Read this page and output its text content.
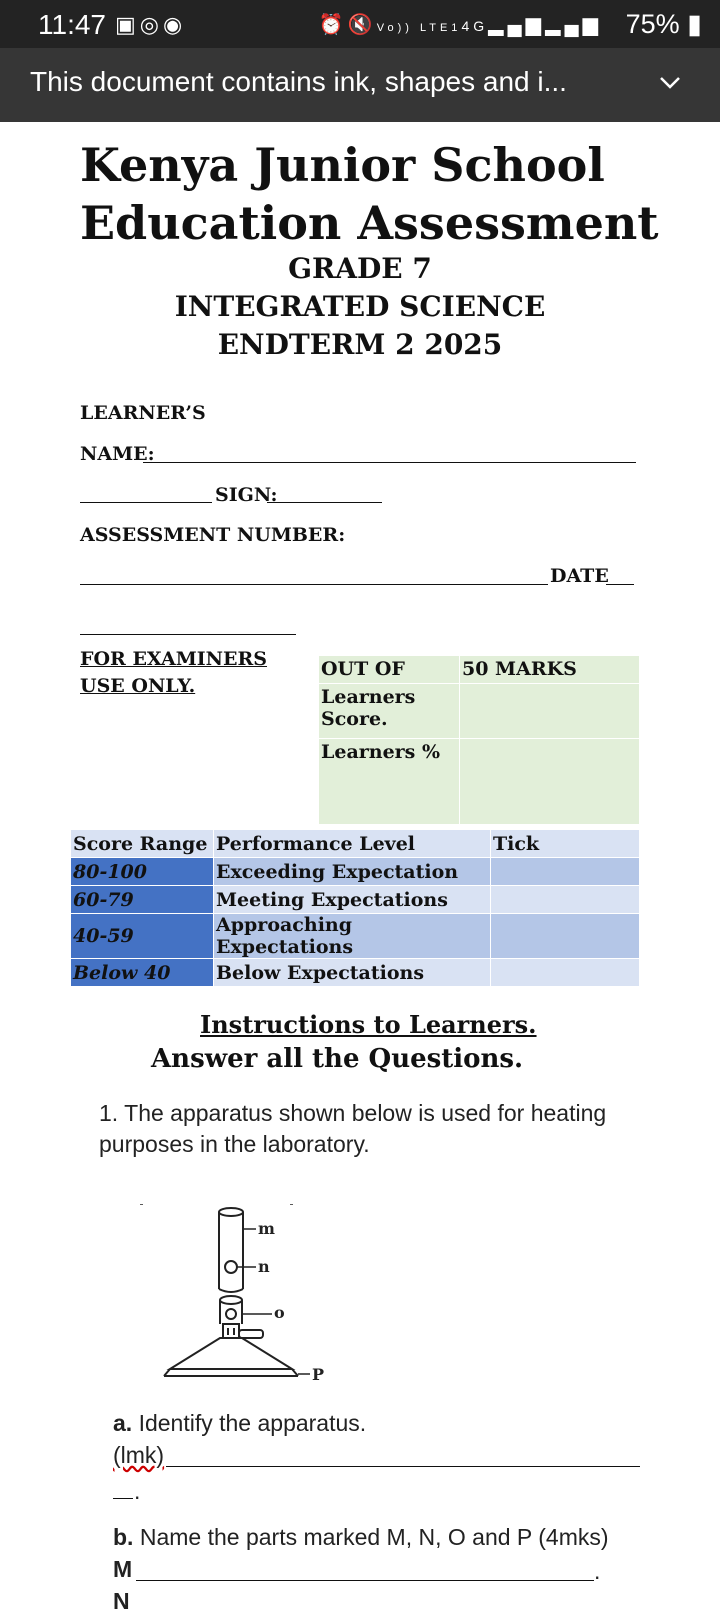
11:47 ▣◎◉	⏰🔇Vo)) LTE14G▂▄▆▂▄▆ 75% ▮
This document contains ink, shapes and i...
Kenya Junior School
Education Assessment
GRADE 7
INTEGRATED SCIENCE
ENDTERM 2 2025
LEARNER’S
NAME:
SIGN:
ASSESSMENT NUMBER:
DATE
FOR EXAMINERS USE ONLY.
OUT OF	50 MARKS
Learners Score.	
Learners %	
Score Range	Performance Level	Tick
80-100	Exceeding Expectation	
60-79	Meeting Expectations	
40-59	Approaching Expectations	
Below 40	Below Expectations	
Instructions to Learners.
Answer all the Questions.
1. The apparatus shown below is used for heating purposes in the laboratory.
m
n
o
P
a. Identify the apparatus.
(lmk)
.
b. Name the parts marked M, N, O and P (4mks)
M	.
N
